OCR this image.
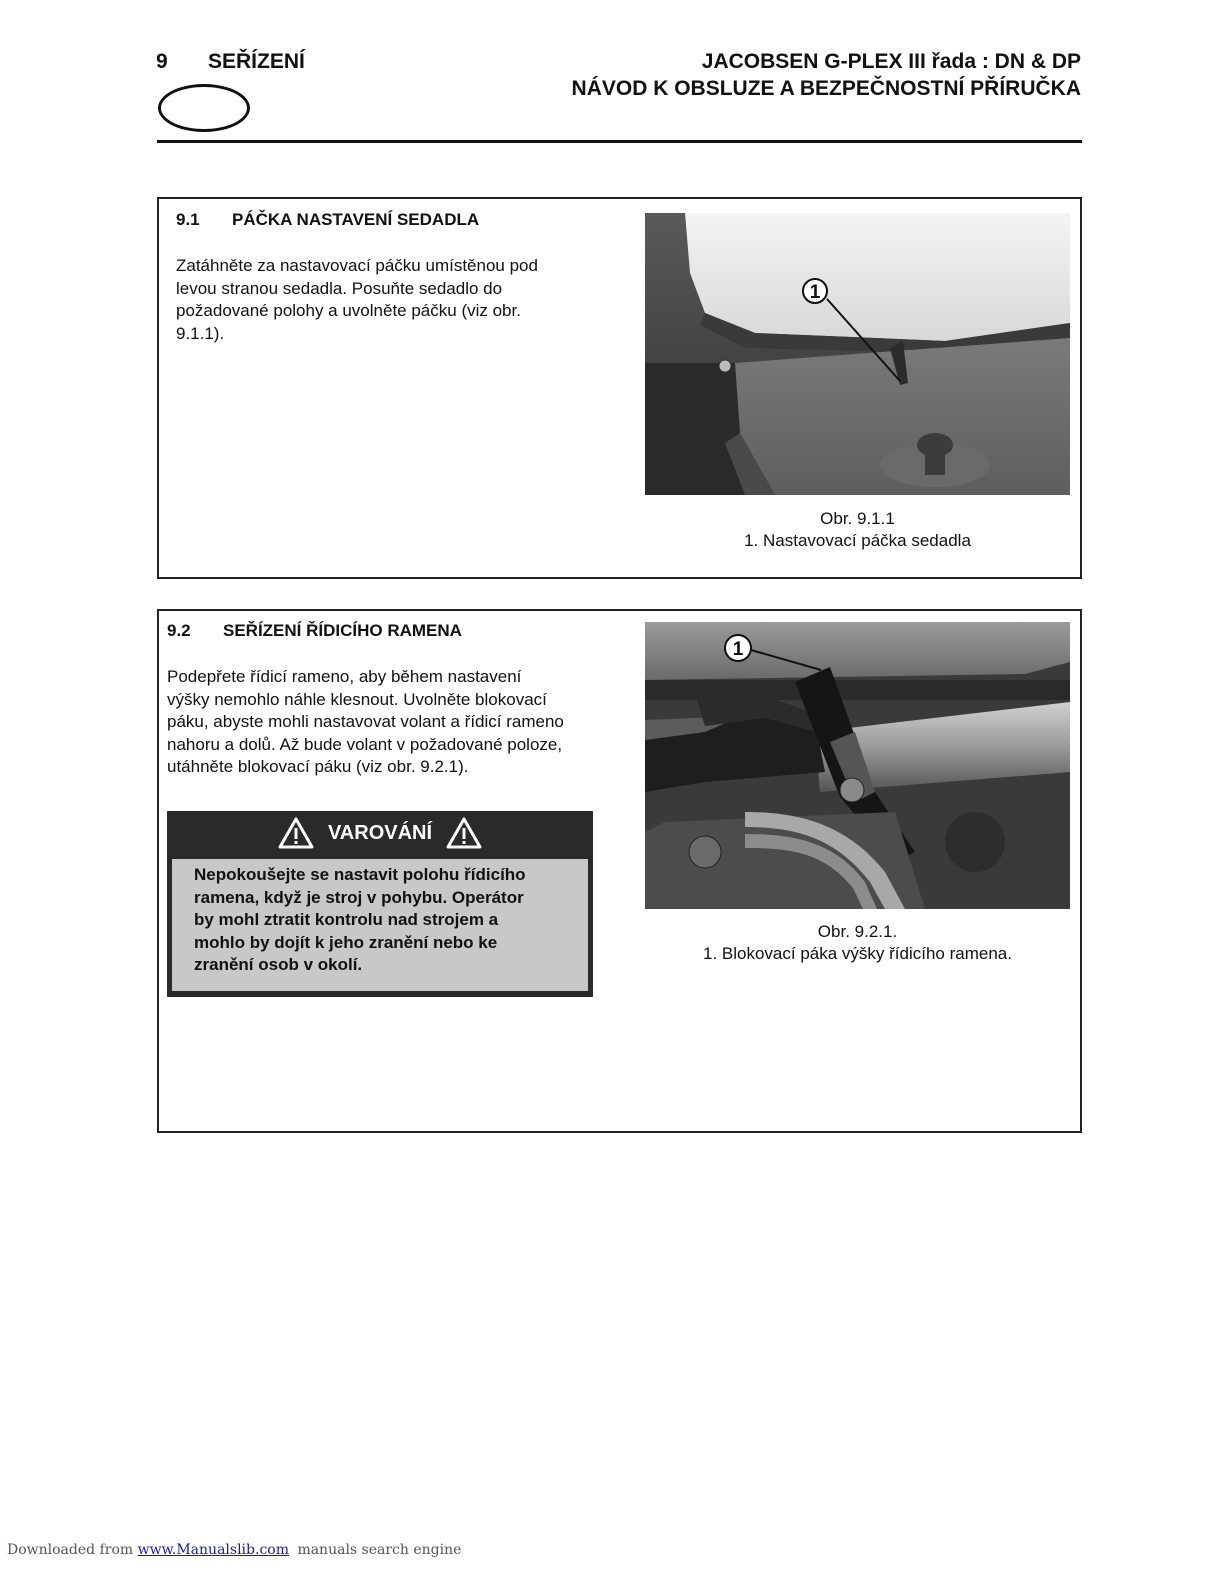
9 SEŘÍZENÍ	JACOBSEN G-PLEX III řada : DN & DP
NÁVOD K OBSLUZE A BEZPEČNOSTNÍ PŘÍRUČKA
9.1 PÁČKA NASTAVENÍ SEDADLA
Zatáhněte za nastavovací páčku umístěnou pod
levou stranou sedadla. Posuňte sedadlo do
požadované polohy a uvolněte páčku (viz obr.
9.1.1).
1
Obr. 9.1.1
1. Nastavovací páčka sedadla
9.2 SEŘÍZENÍ ŘÍDICÍHO RAMENA
Podepřete řídicí rameno, aby během nastavení
výšky nemohlo náhle klesnout. Uvolněte blokovací
páku, abyste mohli nastavovat volant a řídicí rameno
nahoru a dolů. Až bude volant v požadované poloze,
utáhněte blokovací páku (viz obr. 9.2.1).
VAROVÁNÍ
Nepokoušejte se nastavit polohu řídicího
ramena, když je stroj v pohybu. Operátor
by mohl ztratit kontrolu nad strojem a
mohlo by dojít k jeho zranění nebo ke
zranění osob v okolí.
1
Obr. 9.2.1.
1. Blokovací páka výšky řídicího ramena.
Downloaded from www.Manualslib.com manuals search engine
